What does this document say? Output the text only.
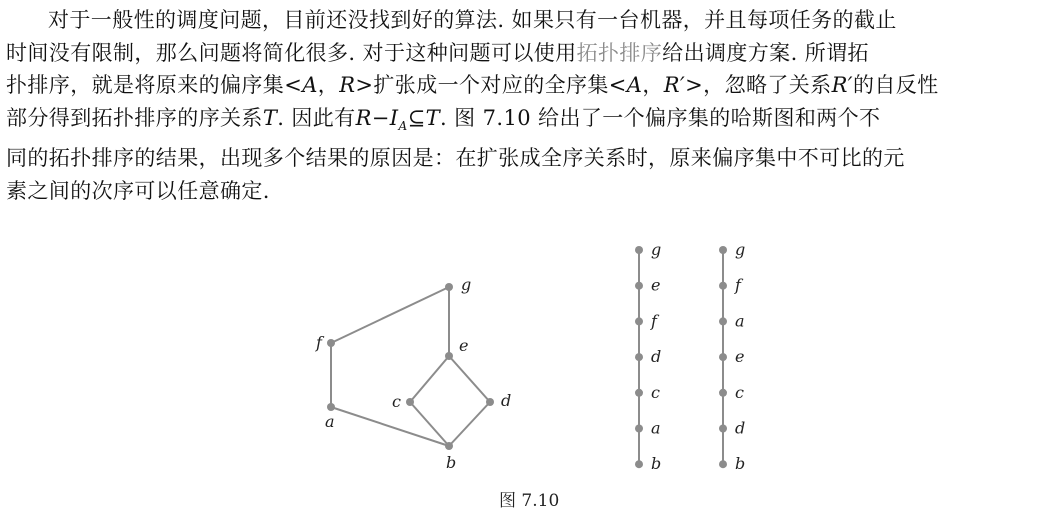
对于一般性的调度问题，目前还没找到好的算法. 如果只有一台机器，并且每项任务的截止
时间没有限制，那么问题将简化很多. 对于这种问题可以使用拓扑排序给出调度方案. 所谓拓
扑排序，就是将原来的偏序集<A，R>扩张成一个对应的全序集<A，R′>，忽略了关系R′的自反性
部分得到拓扑排序的序关系T. 因此有$R-I_A⊆T$. 图 7.10 给出了一个偏序集的哈斯图和两个不
同的拓扑排序的结果，出现多个结果的原因是：在扩张成全序关系时，原来偏序集中不可比的元
素之间的次序可以任意确定.
g
f	e
c	d
a
b
g
e
f
d
c
a
b
g
f
a
e
c
d
b
图 7.10
